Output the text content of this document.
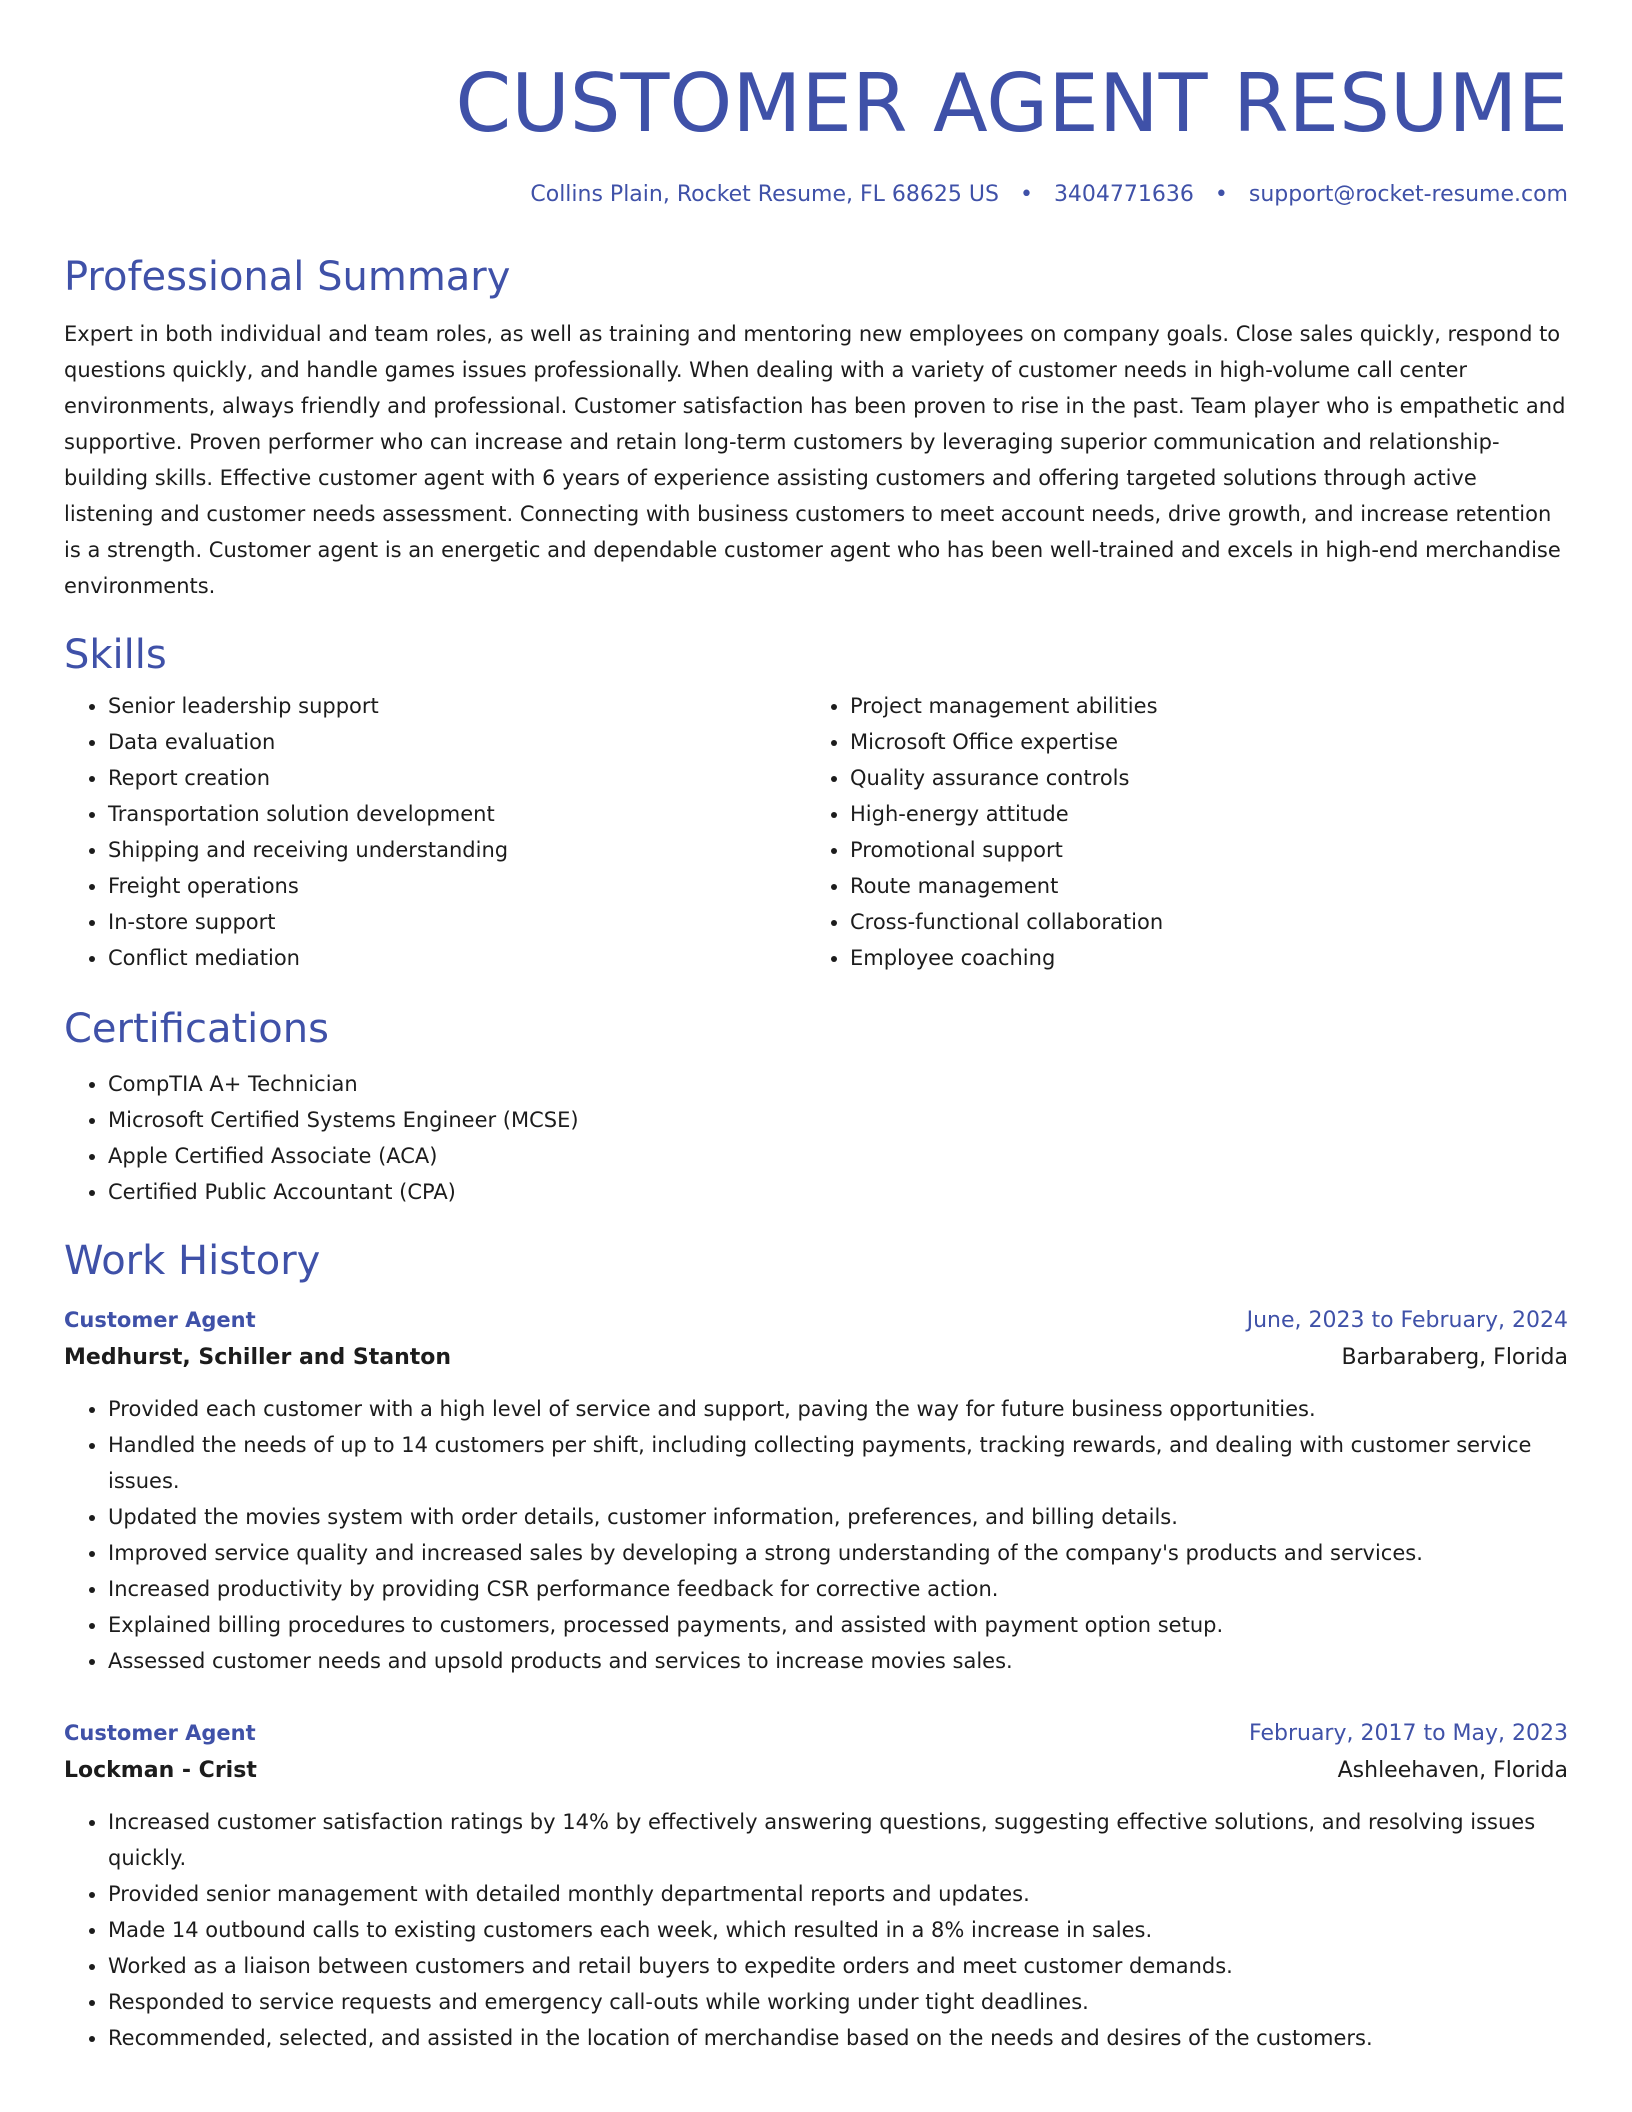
CUSTOMER AGENT RESUME
Collins Plain, Rocket Resume, FL 68625 US • 3404771636 • support@rocket-resume.com
Professional Summary
Expert in both individual and team roles, as well as training and mentoring new employees on company goals. Close sales quickly, respond to questions quickly, and handle games issues professionally. When dealing with a variety of customer needs in high-volume call center environments, always friendly and professional. Customer satisfaction has been proven to rise in the past. Team player who is empathetic and supportive. Proven performer who can increase and retain long-term customers by leveraging superior communication and relationship-building skills. Effective customer agent with 6 years of experience assisting customers and offering targeted solutions through active listening and customer needs assessment. Connecting with business customers to meet account needs, drive growth, and increase retention is a strength. Customer agent is an energetic and dependable customer agent who has been well-trained and excels in high-end merchandise environments.
Skills
• Senior leadership support
• Data evaluation
• Report creation
• Transportation solution development
• Shipping and receiving understanding
• Freight operations
• In-store support
• Conflict mediation
• Project management abilities
• Microsoft Office expertise
• Quality assurance controls
• High-energy attitude
• Promotional support
• Route management
• Cross-functional collaboration
• Employee coaching
Certifications
• CompTIA A+ Technician
• Microsoft Certified Systems Engineer (MCSE)
• Apple Certified Associate (ACA)
• Certified Public Accountant (CPA)
Work History
Customer Agent	June, 2023 to February, 2024
Medhurst, Schiller and Stanton	Barbaraberg, Florida
• Provided each customer with a high level of service and support, paving the way for future business opportunities.
• Handled the needs of up to 14 customers per shift, including collecting payments, tracking rewards, and dealing with customer service issues.
• Updated the movies system with order details, customer information, preferences, and billing details.
• Improved service quality and increased sales by developing a strong understanding of the company's products and services.
• Increased productivity by providing CSR performance feedback for corrective action.
• Explained billing procedures to customers, processed payments, and assisted with payment option setup.
• Assessed customer needs and upsold products and services to increase movies sales.
Customer Agent	February, 2017 to May, 2023
Lockman - Crist	Ashleehaven, Florida
• Increased customer satisfaction ratings by 14% by effectively answering questions, suggesting effective solutions, and resolving issues quickly.
• Provided senior management with detailed monthly departmental reports and updates.
• Made 14 outbound calls to existing customers each week, which resulted in a 8% increase in sales.
• Worked as a liaison between customers and retail buyers to expedite orders and meet customer demands.
• Responded to service requests and emergency call-outs while working under tight deadlines.
• Recommended, selected, and assisted in the location of merchandise based on the needs and desires of the customers.
